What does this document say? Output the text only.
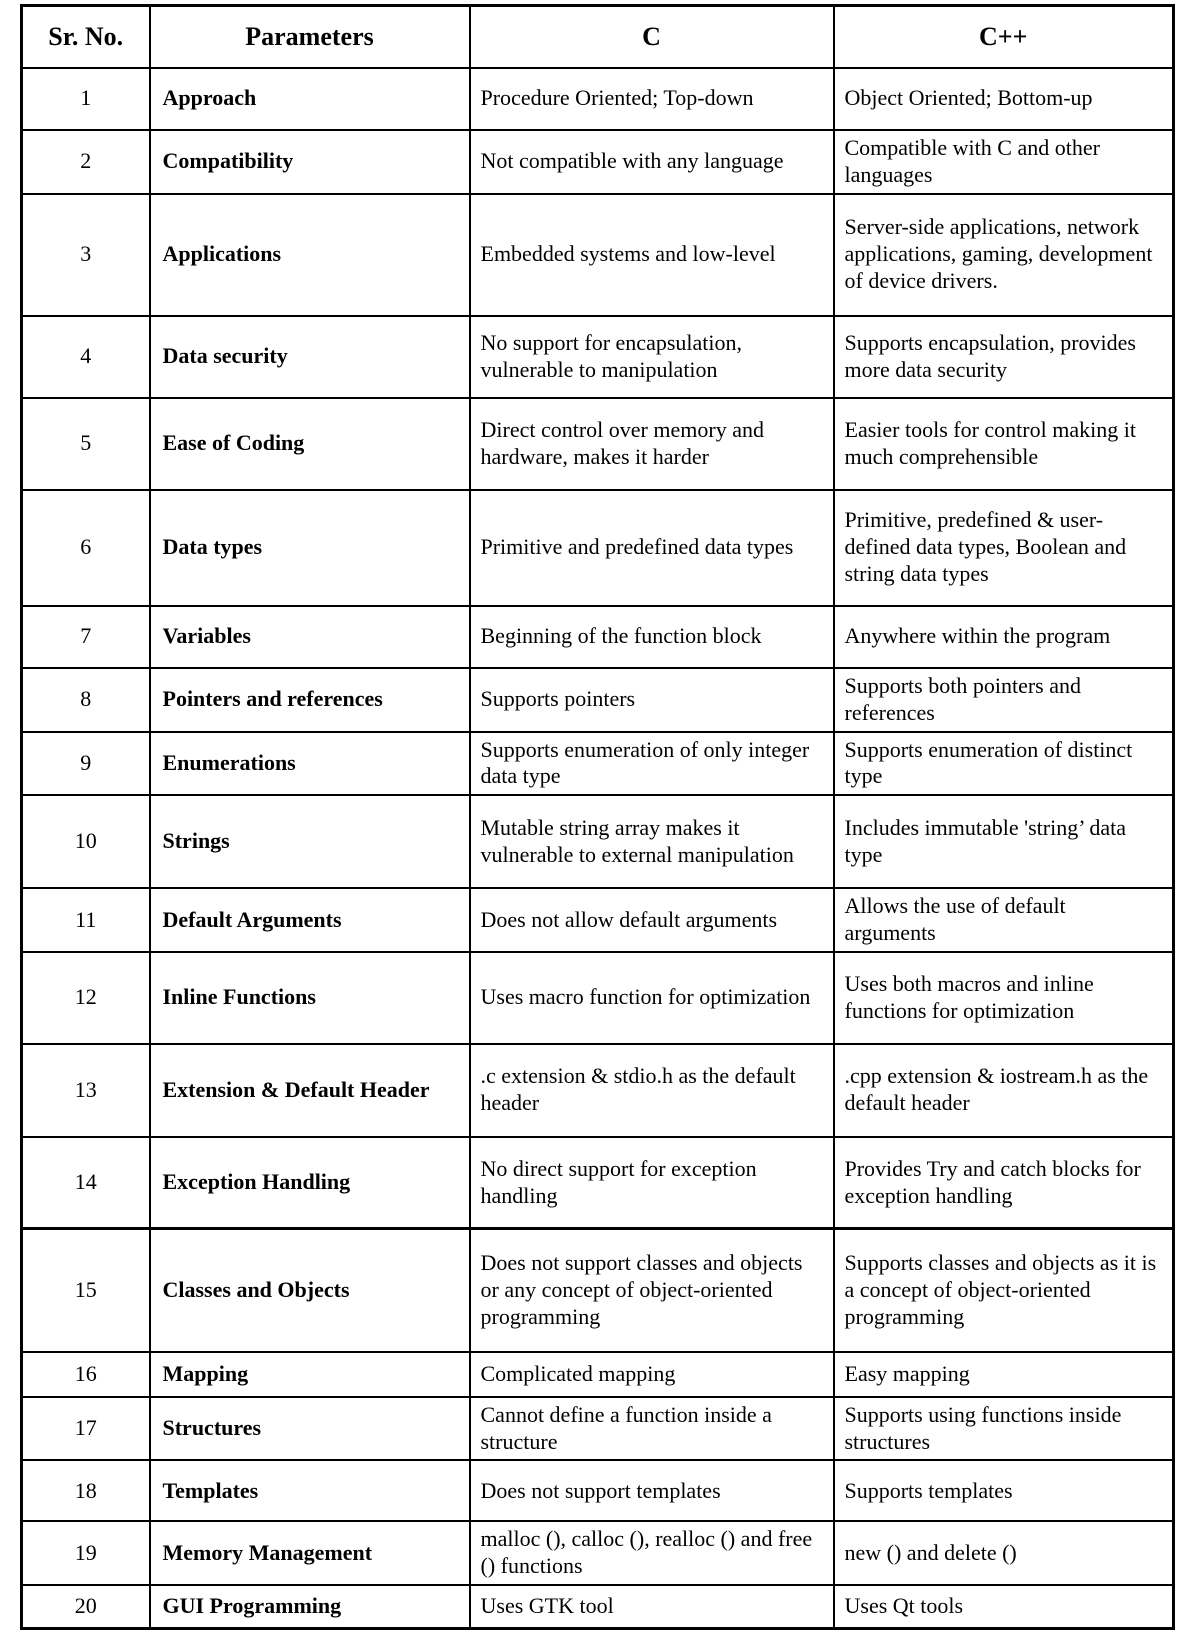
Sr. No.	Parameters	C	C++
1	Approach	Procedure Oriented; Top-down	Object Oriented; Bottom-up
2	Compatibility	Not compatible with any language	Compatible with C and other languages
3	Applications	Embedded systems and low-level	Server-side applications, network applications, gaming, development of device drivers.
4	Data security	No support for encapsulation, vulnerable to manipulation	Supports encapsulation, provides more data security
5	Ease of Coding	Direct control over memory and hardware, makes it harder	Easier tools for control making it much comprehensible
6	Data types	Primitive and predefined data types	Primitive, predefined & user-defined data types, Boolean and string data types
7	Variables	Beginning of the function block	Anywhere within the program
8	Pointers and references	Supports pointers	Supports both pointers and references
9	Enumerations	Supports enumeration of only integer data type	Supports enumeration of distinct type
10	Strings	Mutable string array makes it vulnerable to external manipulation	Includes immutable 'string’ data type
11	Default Arguments	Does not allow default arguments	Allows the use of default arguments
12	Inline Functions	Uses macro function for optimization	Uses both macros and inline functions for optimization
13	Extension & Default Header	.c extension & stdio.h as the default header	.cpp extension & iostream.h as the default header
14	Exception Handling	No direct support for exception handling	Provides Try and catch blocks for exception handling
15	Classes and Objects	Does not support classes and objects or any concept of object-oriented programming	Supports classes and objects as it is a concept of object-oriented programming
16	Mapping	Complicated mapping	Easy mapping
17	Structures	Cannot define a function inside a structure	Supports using functions inside structures
18	Templates	Does not support templates	Supports templates
19	Memory Management	malloc (), calloc (), realloc () and free () functions	new () and delete ()
20	GUI Programming	Uses GTK tool	Uses Qt tools
